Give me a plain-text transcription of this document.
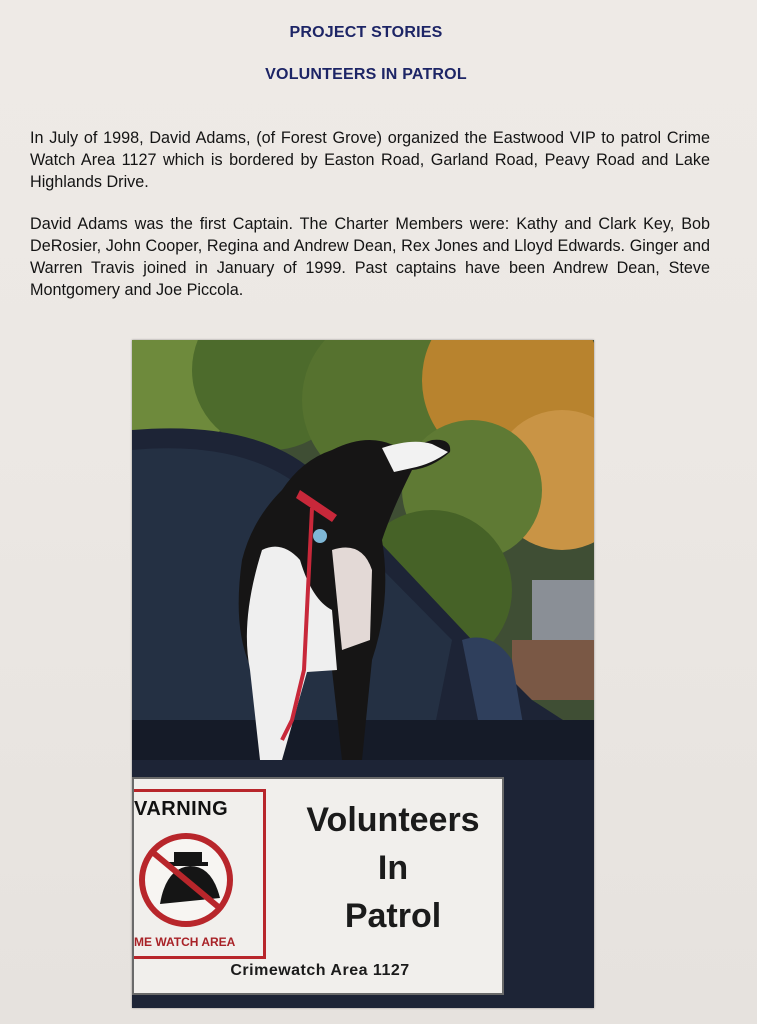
PROJECT STORIES
VOLUNTEERS IN PATROL
In July of 1998, David Adams, (of Forest Grove) organized the Eastwood VIP to patrol Crime Watch Area 1127 which is bordered by Easton Road, Garland Road, Peavy Road and Lake Highlands Drive.
David Adams was the first Captain. The Charter Members were: Kathy and Clark Key, Bob DeRosier, John Cooper, Regina and Andrew Dean, Rex Jones and Lloyd Edwards. Ginger and Warren Travis joined in January of 1999. Past captains have been Andrew Dean, Steve Montgomery and Joe Piccola.
VARNING
ME WATCH AREA
Volunteers
In
Patrol
Crimewatch Area 1127
